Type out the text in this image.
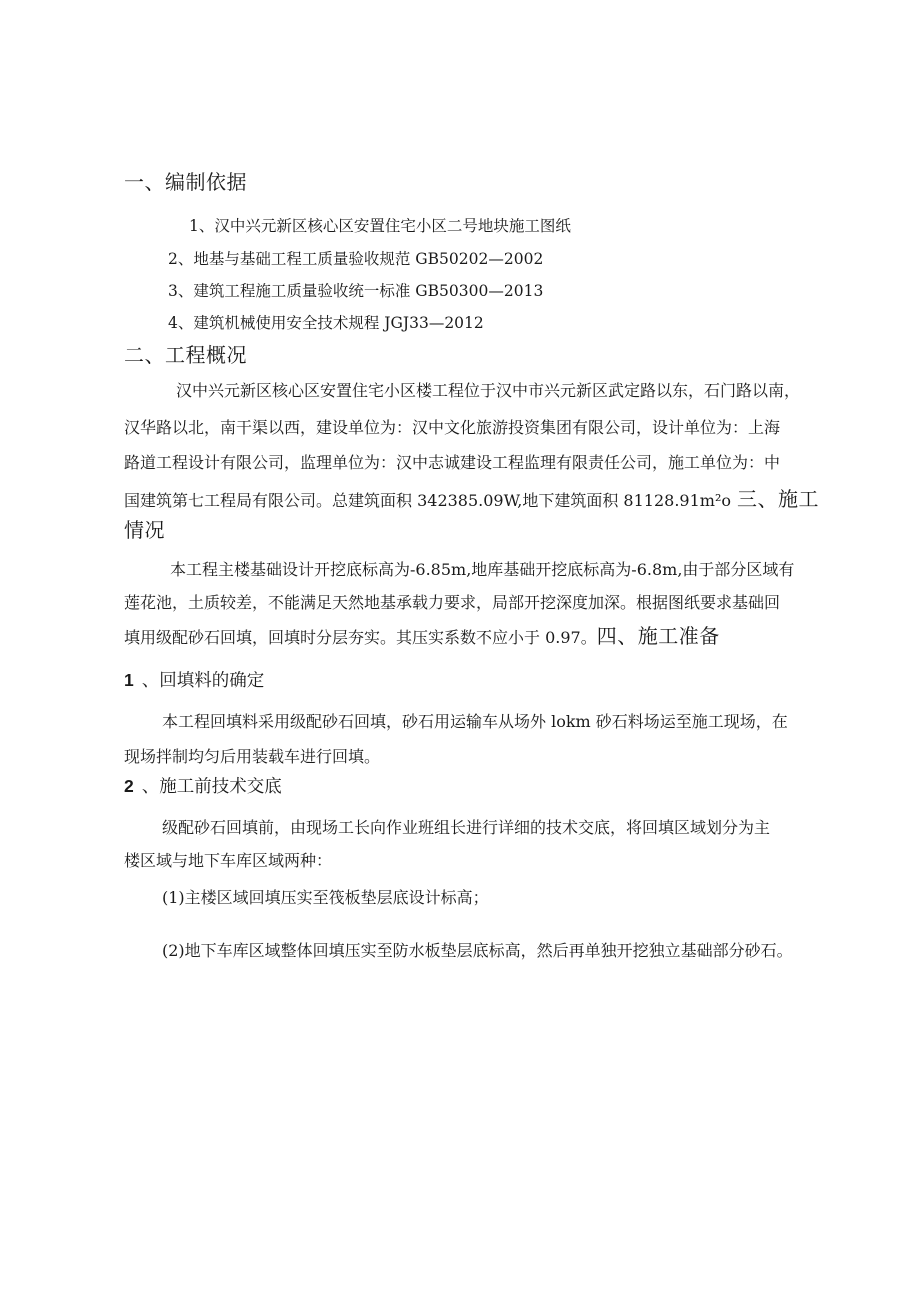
一、编制依据
1、汉中兴元新区核心区安置住宅小区二号地块施工图纸
2、地基与基础工程工质量验收规范 GB50202—2002
3、建筑工程施工质量验收统一标准 GB50300—2013
4、建筑机械使用安全技术规程 JGJ33—2012
二、工程概况
汉中兴元新区核心区安置住宅小区楼工程位于汉中市兴元新区武定路以东，石门路以南，
汉华路以北，南干渠以西，建设单位为：汉中文化旅游投资集团有限公司，设计单位为：上海
路道工程设计有限公司，监理单位为：汉中志诚建设工程监理有限责任公司，施工单位为：中
国建筑第七工程局有限公司。总建筑面积 342385.09W,地下建筑面积 81128.91m²o 三、施工
情况
本工程主楼基础设计开挖底标高为-6.85m,地库基础开挖底标高为-6.8m,由于部分区域有
莲花池，土质较差，不能满足天然地基承载力要求，局部开挖深度加深。根据图纸要求基础回
填用级配砂石回填，回填时分层夯实。其压实系数不应小于 0.97。四、施工准备
1 、回填料的确定
本工程回填料采用级配砂石回填，砂石用运输车从场外 lokm 砂石料场运至施工现场，在
现场拌制均匀后用装载车进行回填。
2 、施工前技术交底
级配砂石回填前，由现场工长向作业班组长进行详细的技术交底，将回填区域划分为主
楼区域与地下车库区域两种：
(1)主楼区域回填压实至筏板垫层底设计标高；
(2)地下车库区域整体回填压实至防水板垫层底标高，然后再单独开挖独立基础部分砂石。
